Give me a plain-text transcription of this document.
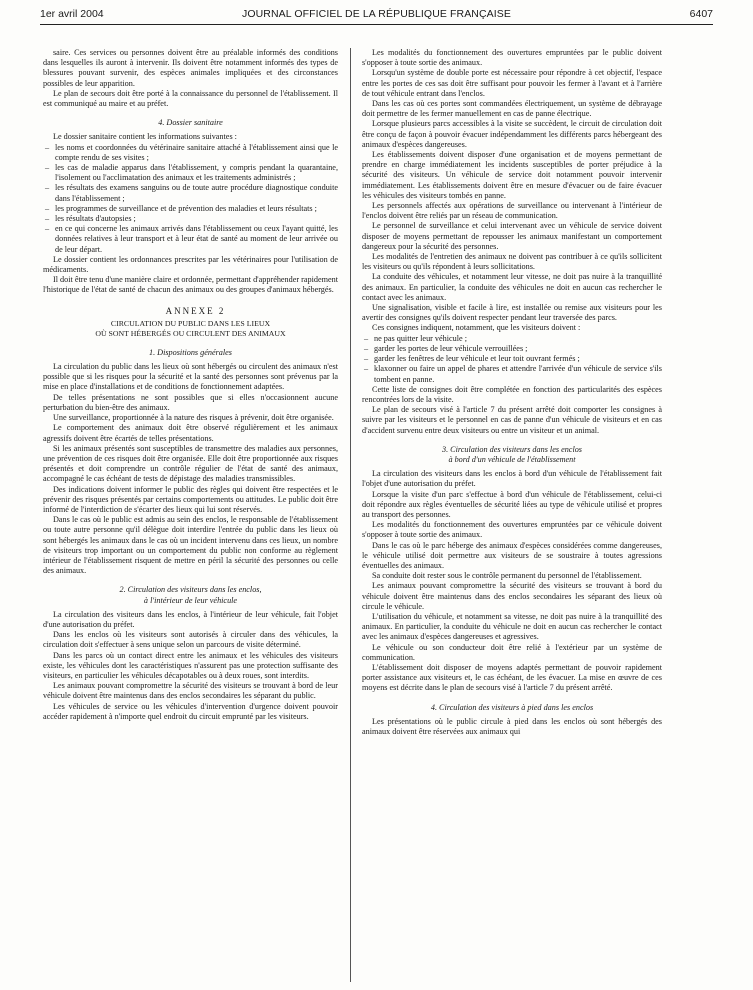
1er avril 2004	JOURNAL OFFICIEL DE LA RÉPUBLIQUE FRANÇAISE	6407

saire. Ces services ou personnes doivent être au préalable informés des conditions dans lesquelles ils auront à intervenir. Ils doivent être notamment informés des types de blessures pouvant survenir, des espèces animales impliquées et des circonstances possibles de leur apparition.

Le plan de secours doit être porté à la connaissance du personnel de l'établissement. Il est communiqué au maire et au préfet.

4. Dossier sanitaire

Le dossier sanitaire contient les informations suivantes :

– les noms et coordonnées du vétérinaire sanitaire attaché à l'établissement ainsi que le compte rendu de ses visites ;
– les cas de maladie apparus dans l'établissement, y compris pendant la quarantaine, l'isolement ou l'acclimatation des animaux et les traitements administrés ;
– les résultats des examens sanguins ou de toute autre procédure diagnostique conduite dans l'établissement ;
– les programmes de surveillance et de prévention des maladies et leurs résultats ;
– les résultats d'autopsies ;
– en ce qui concerne les animaux arrivés dans l'établissement ou ceux l'ayant quitté, les données relatives à leur transport et à leur état de santé au moment de leur arrivée ou de leur départ.

Le dossier contient les ordonnances prescrites par les vétérinaires pour l'utilisation de médicaments.

Il doit être tenu d'une manière claire et ordonnée, permettant d'appréhender rapidement l'historique de l'état de santé de chacun des animaux ou des groupes d'animaux hébergés.

ANNEXE 2

CIRCULATION DU PUBLIC DANS LES LIEUX
OÙ SONT HÉBERGÉS OU CIRCULENT DES ANIMAUX

1. Dispositions générales

La circulation du public dans les lieux où sont hébergés ou circulent des animaux n'est possible que si les risques pour la sécurité et la santé des personnes sont prévenus par la mise en place d'installations et de conditions de fonctionnement adaptées.

De telles présentations ne sont possibles que si elles n'occasionnent aucune perturbation du bien-être des animaux.

Une surveillance, proportionnée à la nature des risques à prévenir, doit être organisée.

Le comportement des animaux doit être observé régulièrement et les animaux agressifs doivent être écartés de telles présentations.

Si les animaux présentés sont susceptibles de transmettre des maladies aux personnes, une prévention de ces risques doit être organisée. Elle doit être proportionnée aux risques présentés et doit comprendre un contrôle régulier de l'état de santé des animaux, accompagné le cas échéant de tests de dépistage des maladies transmissibles.

Des indications doivent informer le public des règles qui doivent être respectées et le prévenir des risques présentés par certains comportements ou attitudes. Le public doit être informé de l'interdiction de s'écarter des lieux qui lui sont réservés.

Dans le cas où le public est admis au sein des enclos, le responsable de l'établissement ou toute autre personne qu'il délègue doit interdire l'entrée du public dans les lieux où sont hébergés les animaux dans le cas où un incident intervenu dans ces lieux, un nombre de visiteurs trop important ou un comportement du public non conforme au règlement intérieur de l'établissement risquent de mettre en péril la sécurité des personnes ou celle des animaux.

2. Circulation des visiteurs dans les enclos,
à l'intérieur de leur véhicule

La circulation des visiteurs dans les enclos, à l'intérieur de leur véhicule, fait l'objet d'une autorisation du préfet.

Dans les enclos où les visiteurs sont autorisés à circuler dans des véhicules, la circulation doit s'effectuer à sens unique selon un parcours de visite déterminé.

Dans les parcs où un contact direct entre les animaux et les véhicules des visiteurs existe, les véhicules dont les caractéristiques n'assurent pas une protection suffisante des visiteurs, en particulier les véhicules décapotables ou à deux roues, sont interdits.

Les animaux pouvant compromettre la sécurité des visiteurs se trouvant à bord de leur véhicule doivent être maintenus dans des enclos secondaires les séparant du public.

Les véhicules de service ou les véhicules d'intervention d'urgence doivent pouvoir accéder rapidement à n'importe quel endroit du circuit emprunté par les visiteurs.

Les modalités du fonctionnement des ouvertures empruntées par le public doivent s'opposer à toute sortie des animaux.

Lorsqu'un système de double porte est nécessaire pour répondre à cet objectif, l'espace entre les portes de ces sas doit être suffisant pour pouvoir les fermer à l'avant et à l'arrière de tout véhicule entrant dans l'enclos.

Dans les cas où ces portes sont commandées électriquement, un système de débrayage doit permettre de les fermer manuellement en cas de panne électrique.

Lorsque plusieurs parcs accessibles à la visite se succèdent, le circuit de circulation doit être conçu de façon à pouvoir évacuer indépendamment les différents parcs hébergeant des animaux d'espèces dangereuses.

Les établissements doivent disposer d'une organisation et de moyens permettant de prendre en charge immédiatement les incidents susceptibles de porter préjudice à la sécurité des visiteurs. Un véhicule de service doit notamment pouvoir intervenir immédiatement. Les établissements doivent être en mesure d'évacuer ou de faire évacuer les véhicules des visiteurs tombés en panne.

Les personnels affectés aux opérations de surveillance ou intervenant à l'intérieur de l'enclos doivent être reliés par un réseau de communication.

Le personnel de surveillance et celui intervenant avec un véhicule de service doivent disposer de moyens permettant de repousser les animaux manifestant un comportement dangereux pour la sécurité des personnes.

Les modalités de l'entretien des animaux ne doivent pas contribuer à ce qu'ils sollicitent les visiteurs ou qu'ils répondent à leurs sollicitations.

La conduite des véhicules, et notamment leur vitesse, ne doit pas nuire à la tranquillité des animaux. En particulier, la conduite des véhicules ne doit en aucun cas rechercher le contact avec les animaux.

Une signalisation, visible et facile à lire, est installée ou remise aux visiteurs pour les avertir des consignes qu'ils doivent respecter pendant leur traversée des parcs.

Ces consignes indiquent, notamment, que les visiteurs doivent :

– ne pas quitter leur véhicule ;
– garder les portes de leur véhicule verrouillées ;
– garder les fenêtres de leur véhicule et leur toit ouvrant fermés ;
– klaxonner ou faire un appel de phares et attendre l'arrivée d'un véhicule de service s'ils tombent en panne.

Cette liste de consignes doit être complétée en fonction des particularités des espèces rencontrées lors de la visite.

Le plan de secours visé à l'article 7 du présent arrêté doit comporter les consignes à suivre par les visiteurs et le personnel en cas de panne d'un véhicule de visiteurs et en cas d'accident survenu entre deux visiteurs ou entre un visiteur et un animal.

3. Circulation des visiteurs dans les enclos
à bord d'un véhicule de l'établissement

La circulation des visiteurs dans les enclos à bord d'un véhicule de l'établissement fait l'objet d'une autorisation du préfet.

Lorsque la visite d'un parc s'effectue à bord d'un véhicule de l'établissement, celui-ci doit répondre aux règles éventuelles de sécurité liées au type de véhicule utilisé et propres au transport des personnes.

Les modalités du fonctionnement des ouvertures empruntées par ce véhicule doivent s'opposer à toute sortie des animaux.

Dans le cas où le parc héberge des animaux d'espèces considérées comme dangereuses, le véhicule utilisé doit permettre aux visiteurs de se soustraire à toutes agressions éventuelles des animaux.

Sa conduite doit rester sous le contrôle permanent du personnel de l'établissement.

Les animaux pouvant compromettre la sécurité des visiteurs se trouvant à bord du véhicule doivent être maintenus dans des enclos secondaires les séparant des lieux où circule le véhicule.

L'utilisation du véhicule, et notamment sa vitesse, ne doit pas nuire à la tranquillité des animaux. En particulier, la conduite du véhicule ne doit en aucun cas rechercher le contact avec les animaux d'espèces dangereuses et agressives.

Le véhicule ou son conducteur doit être relié à l'extérieur par un système de communication.

L'établissement doit disposer de moyens adaptés permettant de pouvoir rapidement porter assistance aux visiteurs et, le cas échéant, de les évacuer. La mise en œuvre de ces moyens est décrite dans le plan de secours visé à l'article 7 du présent arrêté.

4. Circulation des visiteurs à pied dans les enclos

Les présentations où le public circule à pied dans les enclos où sont hébergés des animaux doivent être réservées aux animaux qui
